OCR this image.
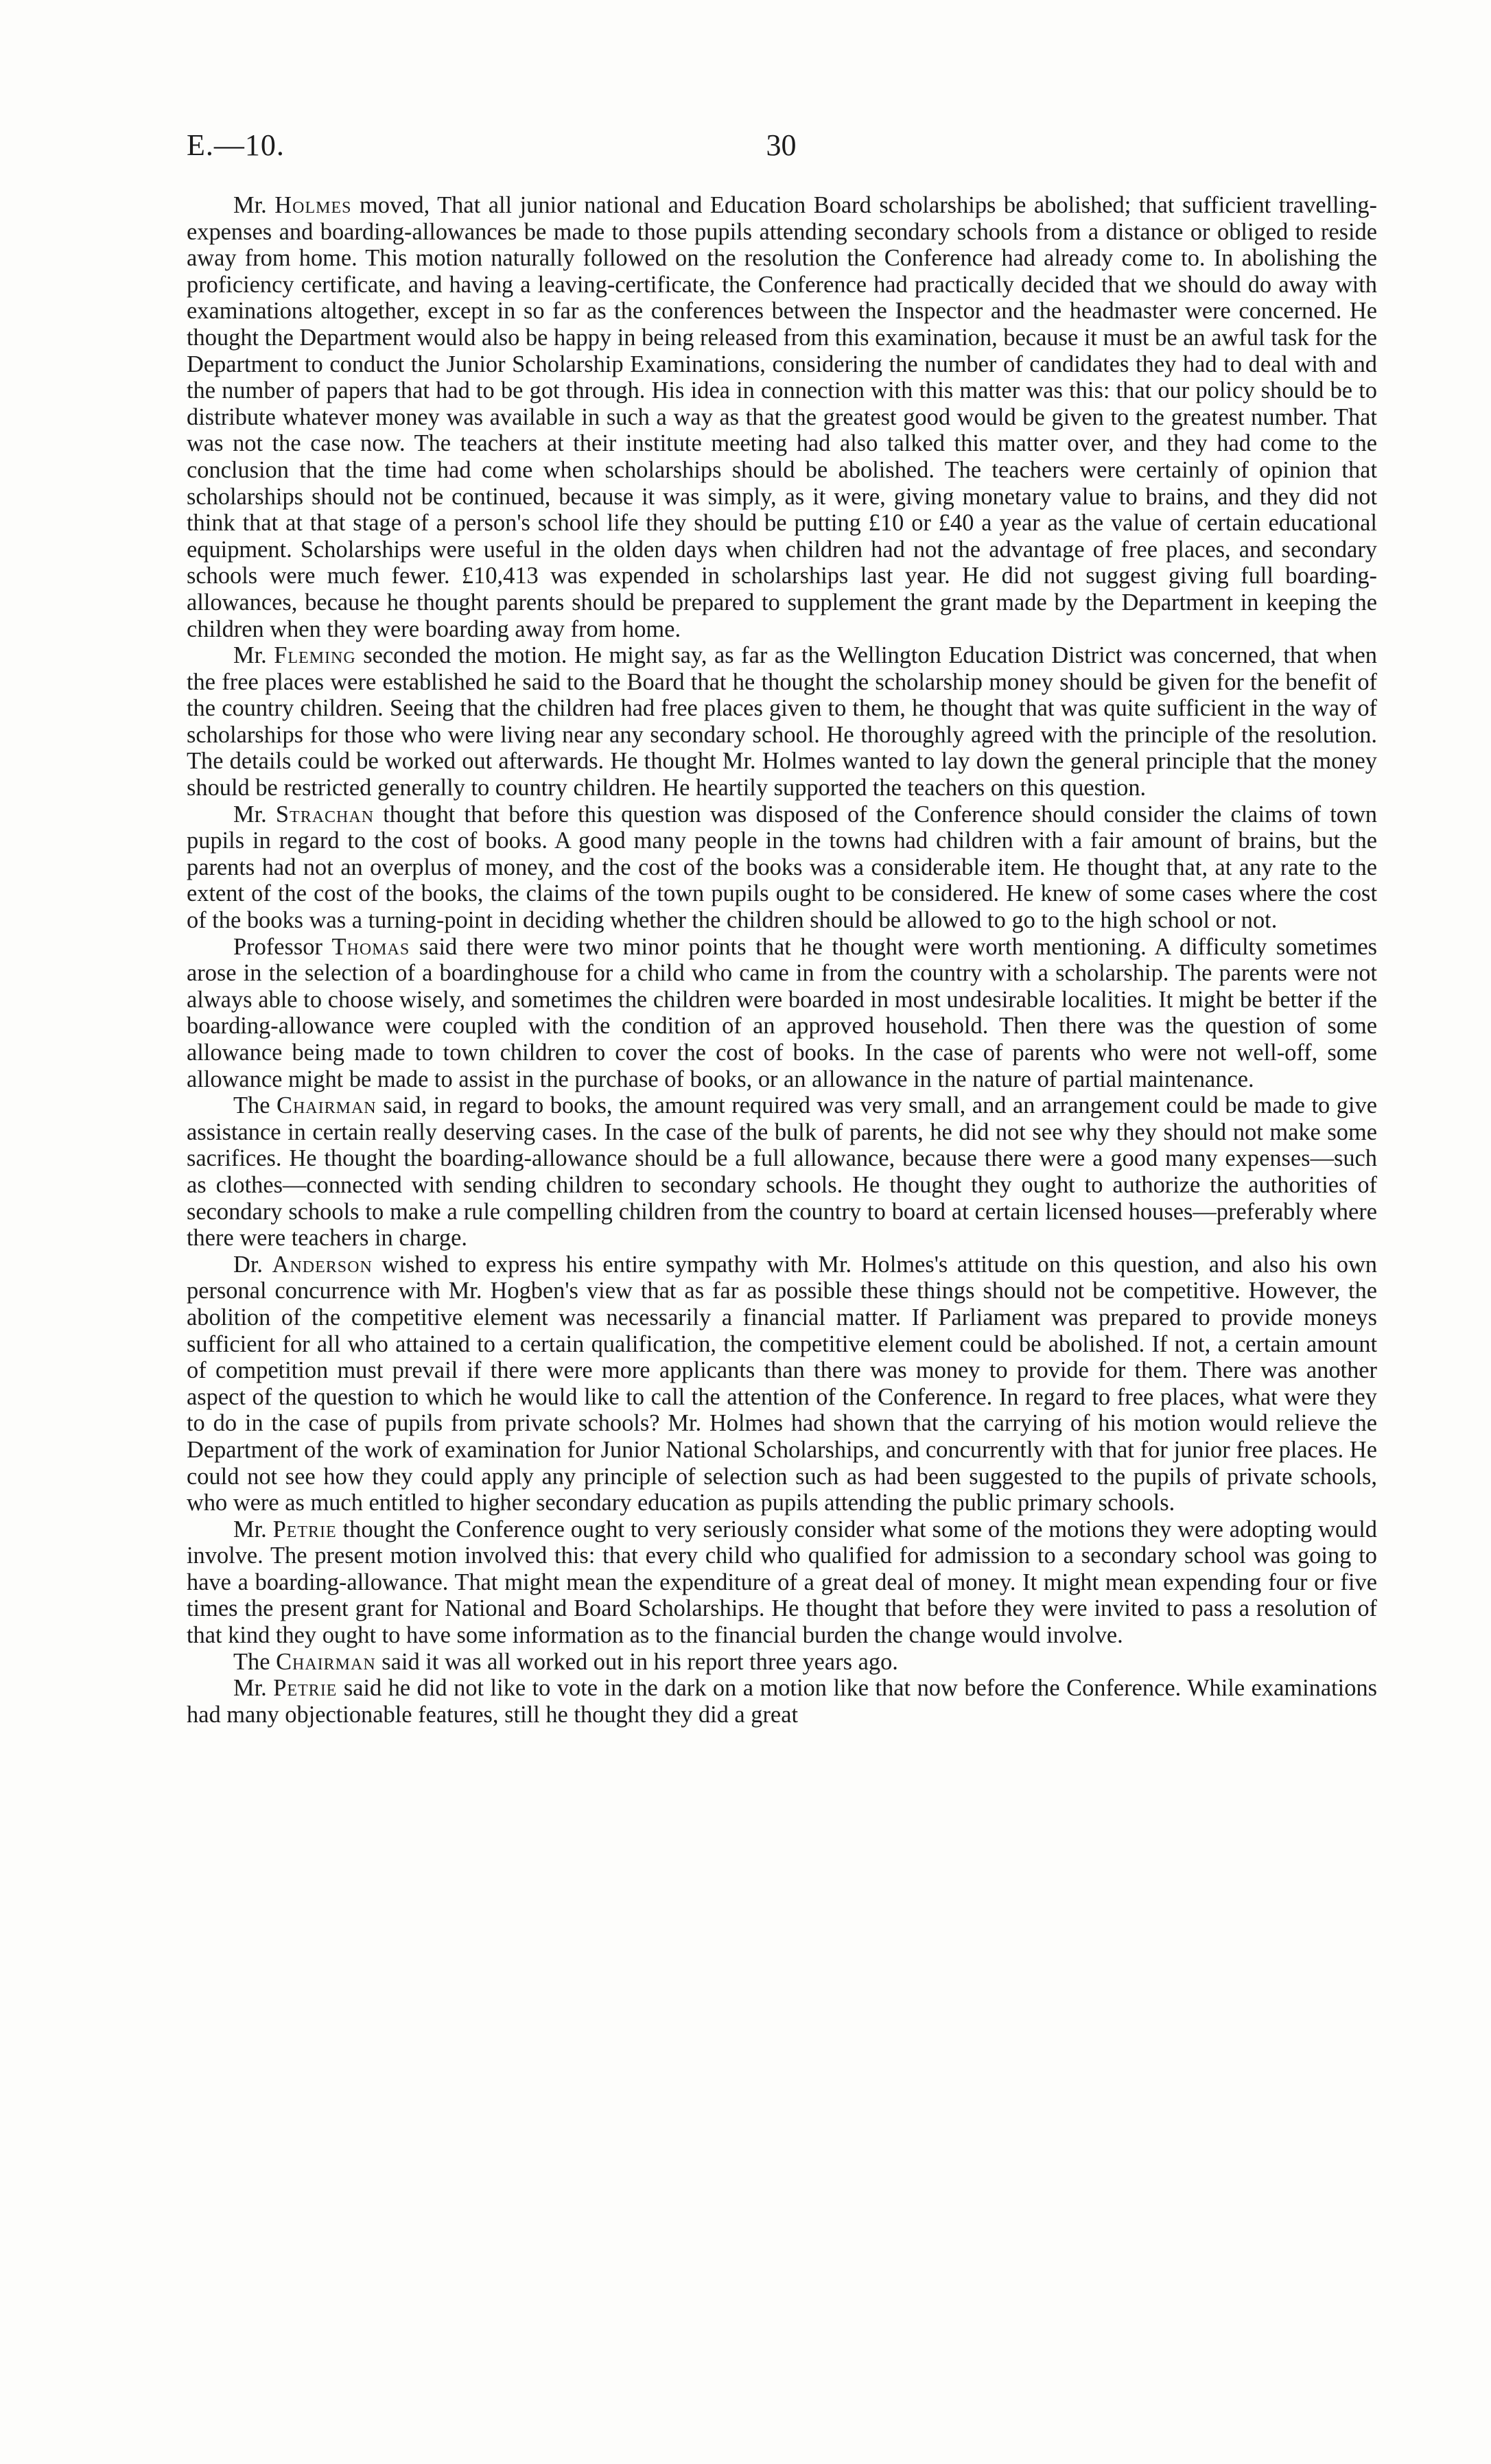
E.—10.	30

Mr. Holmes moved, That all junior national and Education Board scholarships be abolished; that sufficient travelling-expenses and boarding-allowances be made to those pupils attending secondary schools from a distance or obliged to reside away from home. This motion naturally followed on the resolution the Conference had already come to. In abolishing the proficiency certificate, and having a leaving-certificate, the Conference had practically decided that we should do away with examinations altogether, except in so far as the conferences between the Inspector and the headmaster were concerned. He thought the Department would also be happy in being released from this examination, because it must be an awful task for the Department to conduct the Junior Scholarship Examinations, considering the number of candidates they had to deal with and the number of papers that had to be got through. His idea in connection with this matter was this: that our policy should be to distribute whatever money was available in such a way as that the greatest good would be given to the greatest number. That was not the case now. The teachers at their institute meeting had also talked this matter over, and they had come to the conclusion that the time had come when scholarships should be abolished. The teachers were certainly of opinion that scholarships should not be continued, because it was simply, as it were, giving monetary value to brains, and they did not think that at that stage of a person's school life they should be putting £10 or £40 a year as the value of certain educational equipment. Scholarships were useful in the olden days when children had not the advantage of free places, and secondary schools were much fewer. £10,413 was expended in scholarships last year. He did not suggest giving full boarding-allowances, because he thought parents should be prepared to supplement the grant made by the Department in keeping the children when they were boarding away from home.

Mr. Fleming seconded the motion. He might say, as far as the Wellington Education District was concerned, that when the free places were established he said to the Board that he thought the scholarship money should be given for the benefit of the country children. Seeing that the children had free places given to them, he thought that was quite sufficient in the way of scholarships for those who were living near any secondary school. He thoroughly agreed with the principle of the resolution. The details could be worked out afterwards. He thought Mr. Holmes wanted to lay down the general principle that the money should be restricted generally to country children. He heartily supported the teachers on this question.

Mr. Strachan thought that before this question was disposed of the Conference should consider the claims of town pupils in regard to the cost of books. A good many people in the towns had children with a fair amount of brains, but the parents had not an overplus of money, and the cost of the books was a considerable item. He thought that, at any rate to the extent of the cost of the books, the claims of the town pupils ought to be considered. He knew of some cases where the cost of the books was a turning-point in deciding whether the children should be allowed to go to the high school or not.

Professor Thomas said there were two minor points that he thought were worth mentioning. A difficulty sometimes arose in the selection of a boardinghouse for a child who came in from the country with a scholarship. The parents were not always able to choose wisely, and sometimes the children were boarded in most undesirable localities. It might be better if the boarding-allowance were coupled with the condition of an approved household. Then there was the question of some allowance being made to town children to cover the cost of books. In the case of parents who were not well-off, some allowance might be made to assist in the purchase of books, or an allowance in the nature of partial maintenance.

The Chairman said, in regard to books, the amount required was very small, and an arrangement could be made to give assistance in certain really deserving cases. In the case of the bulk of parents, he did not see why they should not make some sacrifices. He thought the boarding-allowance should be a full allowance, because there were a good many expenses—such as clothes—connected with sending children to secondary schools. He thought they ought to authorize the authorities of secondary schools to make a rule compelling children from the country to board at certain licensed houses—preferably where there were teachers in charge.

Dr. Anderson wished to express his entire sympathy with Mr. Holmes's attitude on this question, and also his own personal concurrence with Mr. Hogben's view that as far as possible these things should not be competitive. However, the abolition of the competitive element was necessarily a financial matter. If Parliament was prepared to provide moneys sufficient for all who attained to a certain qualification, the competitive element could be abolished. If not, a certain amount of competition must prevail if there were more applicants than there was money to provide for them. There was another aspect of the question to which he would like to call the attention of the Conference. In regard to free places, what were they to do in the case of pupils from private schools? Mr. Holmes had shown that the carrying of his motion would relieve the Department of the work of examination for Junior National Scholarships, and concurrently with that for junior free places. He could not see how they could apply any principle of selection such as had been suggested to the pupils of private schools, who were as much entitled to higher secondary education as pupils attending the public primary schools.

Mr. Petrie thought the Conference ought to very seriously consider what some of the motions they were adopting would involve. The present motion involved this: that every child who qualified for admission to a secondary school was going to have a boarding-allowance. That might mean the expenditure of a great deal of money. It might mean expending four or five times the present grant for National and Board Scholarships. He thought that before they were invited to pass a resolution of that kind they ought to have some information as to the financial burden the change would involve.

The Chairman said it was all worked out in his report three years ago.

Mr. Petrie said he did not like to vote in the dark on a motion like that now before the Conference. While examinations had many objectionable features, still he thought they did a great
